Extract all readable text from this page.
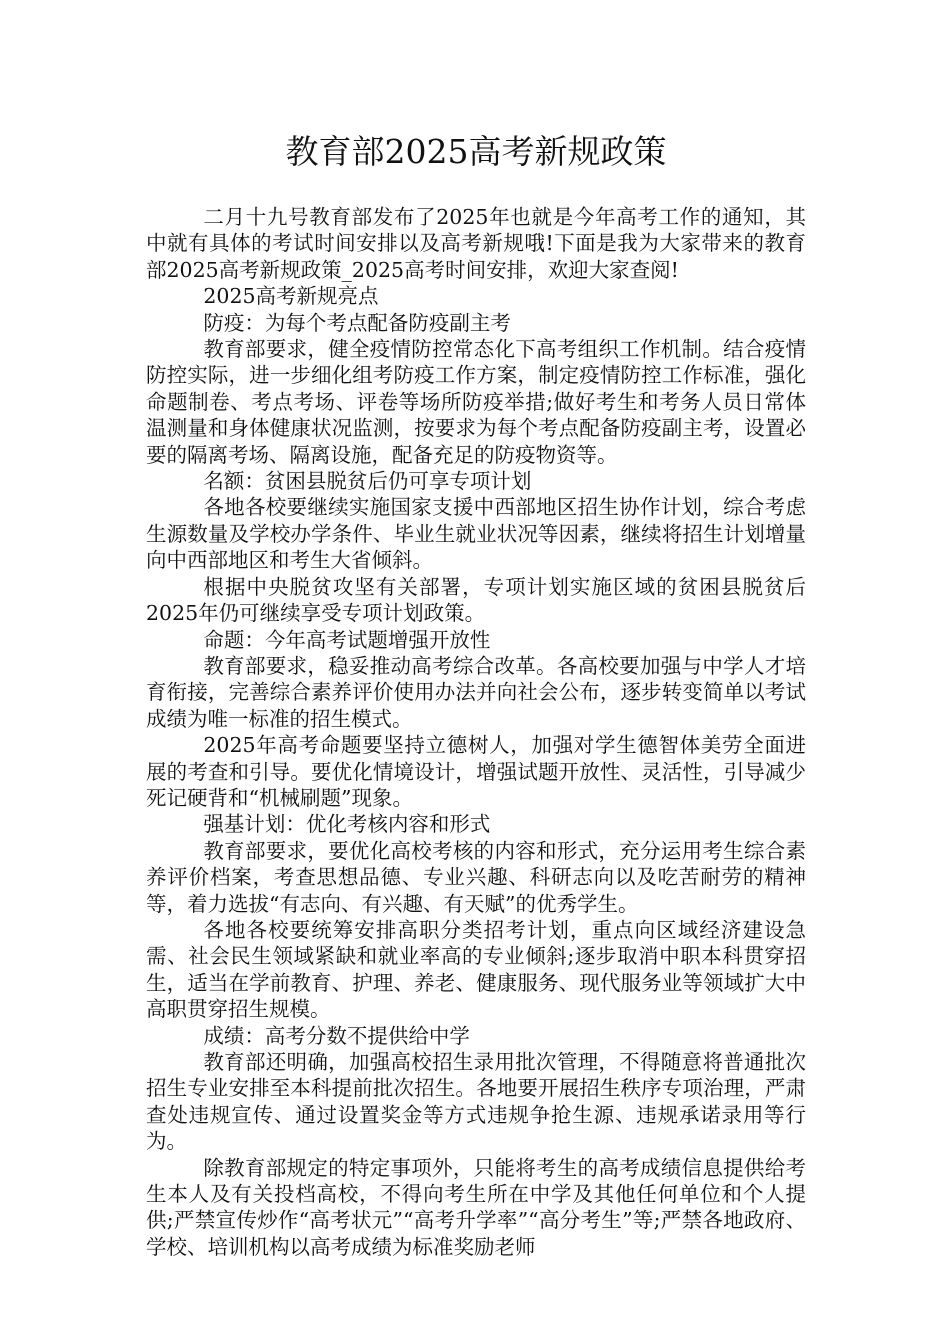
教育部2025高考新规政策

二月十九号教育部发布了2025年也就是今年高考工作的通知，其中就有具体的考试时间安排以及高考新规哦!下面是我为大家带来的教育部2025高考新规政策_2025高考时间安排，欢迎大家查阅!

2025高考新规亮点

防疫：为每个考点配备防疫副主考

教育部要求，健全疫情防控常态化下高考组织工作机制。结合疫情防控实际，进一步细化组考防疫工作方案，制定疫情防控工作标准，强化命题制卷、考点考场、评卷等场所防疫举措;做好考生和考务人员日常体温测量和身体健康状况监测，按要求为每个考点配备防疫副主考，设置必要的隔离考场、隔离设施，配备充足的防疫物资等。

名额：贫困县脱贫后仍可享专项计划

各地各校要继续实施国家支援中西部地区招生协作计划，综合考虑生源数量及学校办学条件、毕业生就业状况等因素，继续将招生计划增量向中西部地区和考生大省倾斜。

根据中央脱贫攻坚有关部署，专项计划实施区域的贫困县脱贫后2025年仍可继续享受专项计划政策。

命题：今年高考试题增强开放性

教育部要求，稳妥推动高考综合改革。各高校要加强与中学人才培育衔接，完善综合素养评价使用办法并向社会公布，逐步转变简单以考试成绩为唯一标准的招生模式。

2025年高考命题要坚持立德树人，加强对学生德智体美劳全面进展的考查和引导。要优化情境设计，增强试题开放性、灵活性，引导减少死记硬背和“机械刷题”现象。

强基计划：优化考核内容和形式

教育部要求，要优化高校考核的内容和形式，充分运用考生综合素养评价档案，考查思想品德、专业兴趣、科研志向以及吃苦耐劳的精神等，着力选拔“有志向、有兴趣、有天赋”的优秀学生。

各地各校要统筹安排高职分类招考计划，重点向区域经济建设急需、社会民生领域紧缺和就业率高的专业倾斜;逐步取消中职本科贯穿招生，适当在学前教育、护理、养老、健康服务、现代服务业等领域扩大中高职贯穿招生规模。

成绩：高考分数不提供给中学

教育部还明确，加强高校招生录用批次管理，不得随意将普通批次招生专业安排至本科提前批次招生。各地要开展招生秩序专项治理，严肃查处违规宣传、通过设置奖金等方式违规争抢生源、违规承诺录用等行为。

除教育部规定的特定事项外，只能将考生的高考成绩信息提供给考生本人及有关投档高校，不得向考生所在中学及其他任何单位和个人提供;严禁宣传炒作“高考状元”“高考升学率”“高分考生”等;严禁各地政府、学校、培训机构以高考成绩为标准奖励老师
